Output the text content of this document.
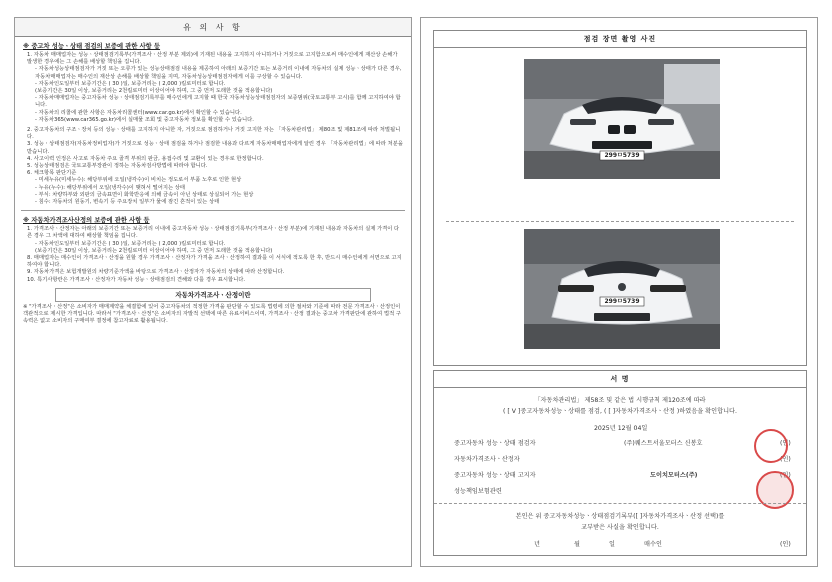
유 의 사 항
※ 중고차 성능ㆍ상태 점검의 보증에 관한 사항 등
1. 자동차 매매업자는 성능ㆍ상태점검기록부(가격조사ㆍ산정 부분 제외)에 기재된 내용을 고지하지 아니하거나 거짓으로 고지함으로써 매수인에게 재산상 손해가 발생한 경우에는 그 손해를 배상할 책임을 집니다.
- 자동차성능상태점검자가 거짓 또는 오류가 있는 성능상태점검 내용을 제공하여 아래의 보증기간 또는 보증거리 이내에 자동차의 실제 성능ㆍ상태가 다른 경우, 자동차매매업자는 매수인의 재산상 손해를 배상할 책임을 지며, 자동차성능상태점검자에게 이를 구상할 수 있습니다.
- 자동차인도일부터 보증기간은 ( 30 )일, 보증거리는 ( 2,000 )킬로미터로 합니다.
(보증기간은 30일 이상, 보증거리는 2천킬로미터 이상이어야 하며, 그 중 먼저 도래한 것을 적용합니다)
- 자동차매매업자는 중고자동차 성능ㆍ상태점검기록부를 매수인에게 고지할 때 한국 자동차성능상태점검자의 보증범위(국토교통부 고시)를 함께 고지하여야 합니다.
- 자동차의 리콜에 관한 사항은 자동차리콜센터(www.car.go.kr)에서 확인할 수 있습니다.
- 자동차365(www.car365.go.kr)에서 실매물 조회 및 중고자동차 정보를 확인할 수 있습니다.
2. 중고자동차의 구조ㆍ장치 등의 성능ㆍ상태를 고지하지 아니한 자, 거짓으로 점검하거나 거짓 고지한 자는 「자동차관리법」 제80조 및 제81조에 따라 처벌됩니다.
3. 성능ㆍ상태점검자(자동차정비업자)가 거짓으로 성능ㆍ상태 점검을 하거나 점검한 내용과 다르게 자동차매매업자에게 알린 경우 「자동차관리법」에 따라 처분을 받습니다.
4. 사고이력 인정은 사고로 자동차 주요 골격 부위의 판금, 용접수리 및 교환이 있는 경우로 한정합니다.
5. 성능상태점검은 국토교통부장관이 정하는 자동차검사방법에 따라야 합니다.
6. 체크항목 판단기준
- 미세누유(미세누수): 해당부위에 오일(냉각수)이 비치는 정도로서 부품 노후로 인한 현상
- 누유(누수): 해당부위에서 오일(냉각수)이 맺혀서 떨어지는 상태
- 부식: 차량하부와 외판의 금속표면이 화학반응에 의해 금속이 아닌 상태로 상실되어 가는 현상
- 침수: 자동차의 원동기, 변속기 등 주요장치 일부가 물에 잠긴 흔적이 있는 상태
※ 자동차가격조사산정의 보증에 관한 사항 등
1. 가격조사ㆍ산정자는 아래의 보증기간 또는 보증거리 이내에 중고자동차 성능ㆍ상태점검기록부(가격조사ㆍ산정 부분)에 기재된 내용과 자동차의 실제 가격이 다른 경우 그 차액에 대하여 배상할 책임을 집니다.
- 자동차인도일부터 보증기간은 ( 30 )일, 보증거리는 ( 2,000 )킬로미터로 합니다.
(보증기간은 30일 이상, 보증거리는 2천킬로미터 이상이어야 하며, 그 중 먼저 도래한 것을 적용합니다)
8. 매매업자는 매수인이 가격조사ㆍ산정을 원할 경우 가격조사ㆍ산정자가 가격을 조사ㆍ산정하여 결과를 이 서식에 적도록 한 후, 반드시 매수인에게 서면으로 고지하여야 합니다.
9. 자동차가격은 보험개발원의 차량기준가액을 바탕으로 가격조사ㆍ산정자가 자동차의 상태에 따라 산정합니다.
10. 특기사항란은 가격조사ㆍ산정자가 자동차 성능ㆍ상태점검의 견해와 다를 경우 표시합니다.
자동차가격조사ㆍ산정이란
※ "가격조사ㆍ산정"은 소비자가 매매계약을 체결함에 있어 중고자동차의 적정한 가격을 판단할 수 있도록 법령에 의한 절차와 기준에 따라 전문 가격조사ㆍ산정인이 객관적으로 제시한 가격입니다. 따라서 "가격조사ㆍ산정"은 소비자의 자발적 선택에 따른 유료서비스이며, 가격조사ㆍ산정 결과는 중고차 가격판단에 관하여 법적 구속력은 없고 소비자의 구매여부 결정에 참고자료로 활용됩니다.
점검 장면 촬영 사진
299ㅁ5739
299ㅁ5739
서 명
「자동차관리법」 제58조 및 같은 법 시행규칙 제120조에 따라
( [ V ]중고자동차성능ㆍ상태를 점검, ( [ ]자동차가격조사ㆍ산정 )하였음을 확인합니다.
2025년 12월 04일
중고자동차 성능ㆍ상태 점검자	(주)퀘스트서울모터스 신봉호	(인)
자동차가격조사ㆍ산정자	(인)
중고자동차 성능ㆍ상태 고지자	도이치모터스(주)	(인)
성능책임보험관련
본인은 위 중고자동차성능ㆍ상태점검기록부([ ]자동차가격조사ㆍ산정 선택)를
교부받은 사실을 확인합니다.
년	월	일	매수인	(인)
